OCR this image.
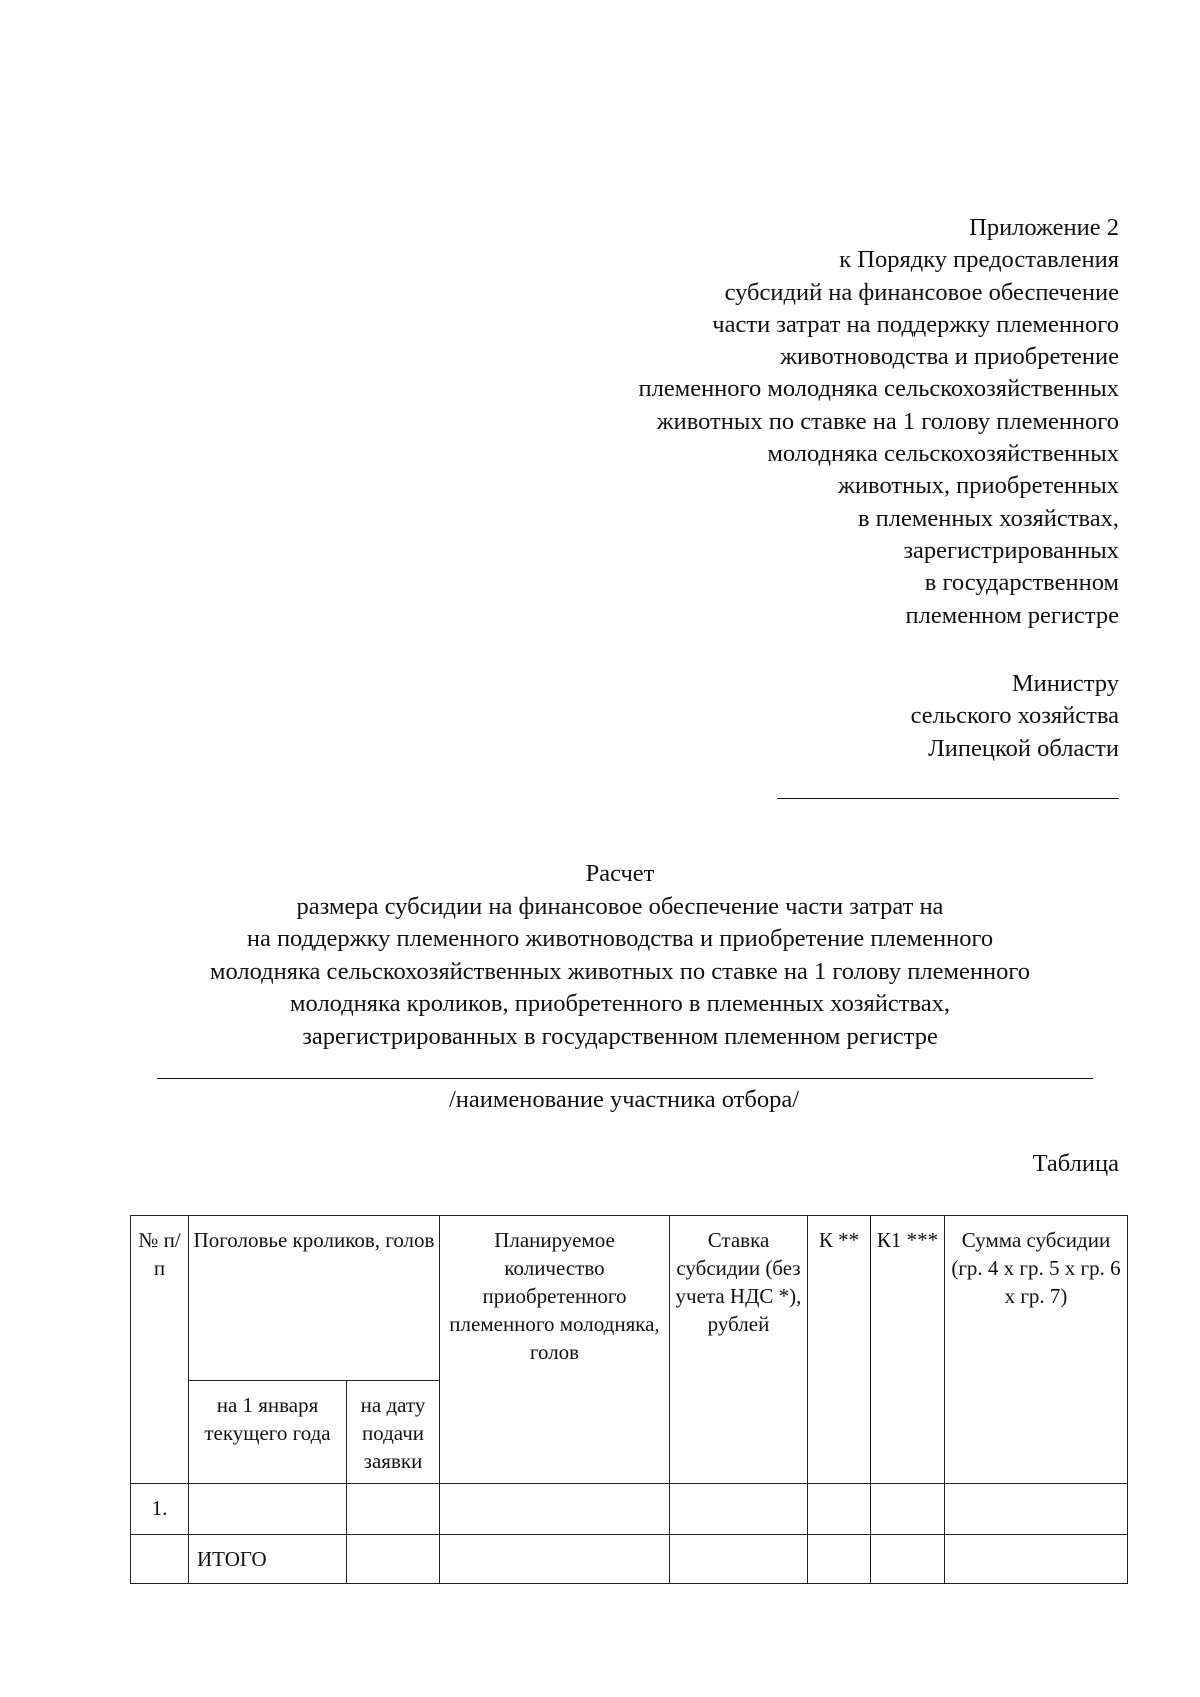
Приложение 2
к Порядку предоставления
субсидий на финансовое обеспечение
части затрат на поддержку племенного
животноводства и приобретение
племенного молодняка сельскохозяйственных
животных по ставке на 1 голову племенного
молодняка сельскохозяйственных
животных, приобретенных
в племенных хозяйствах,
зарегистрированных
в государственном
племенном регистре
Министру
сельского хозяйства
Липецкой области
Расчет
размера субсидии на финансовое обеспечение части затрат на
на поддержку племенного животноводства и приобретение племенного
молодняка сельскохозяйственных животных по ставке на 1 голову племенного
молодняка кроликов, приобретенного в племенных хозяйствах,
зарегистрированных в государственном племенном регистре
/наименование участника отбора/
Таблица
№ п/п	Поголовье кроликов, голов		Планируемое количество приобретенного племенного молодняка, голов	Ставка субсидии (без учета НДС *), рублей	К **	К1 ***	Сумма субсидии (гр. 4 х гр. 5 х гр. 6 х гр. 7)
	на 1 января текущего года	на дату подачи заявки					
1.							
	ИТОГО						
